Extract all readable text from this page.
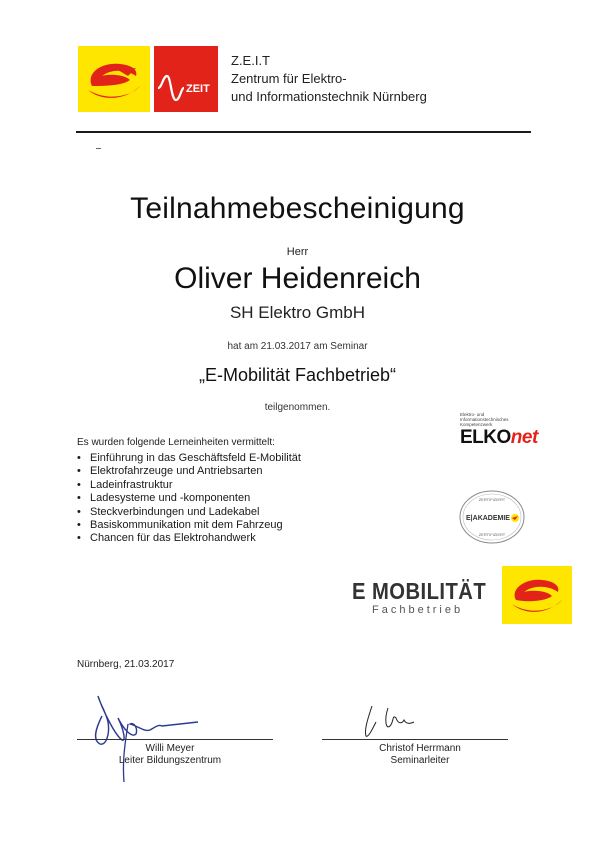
ZEIT
Z.E.I.T
Zentrum für Elektro-
und Informationstechnik Nürnberg
Teilnahmebescheinigung
Herr
Oliver Heidenreich
SH Elektro GmbH
hat am 21.03.2017 am Seminar
„E-Mobilität Fachbetrieb“
teilgenommen.
Es wurden folgende Lerneinheiten vermittelt:
• Einführung in das Geschäftsfeld E-Mobilität
• Elektrofahrzeuge und Antriebsarten
• Ladeinfrastruktur
• Ladesysteme und -komponenten
• Steckverbindungen und Ladekabel
• Basiskommunikation mit dem Fahrzeug
• Chancen für das Elektrohandwerk
Elektro- und Informationstechnisches Kompetenzwerk
ELKOnet
ZERTIFIZIERT
E|AKADEMIE
ZERTIFIZIERT
E MOBILITÄT
Fachbetrieb
Nürnberg, 21.03.2017
Willi Meyer
Leiter Bildungszentrum
Christof Herrmann
Seminarleiter
